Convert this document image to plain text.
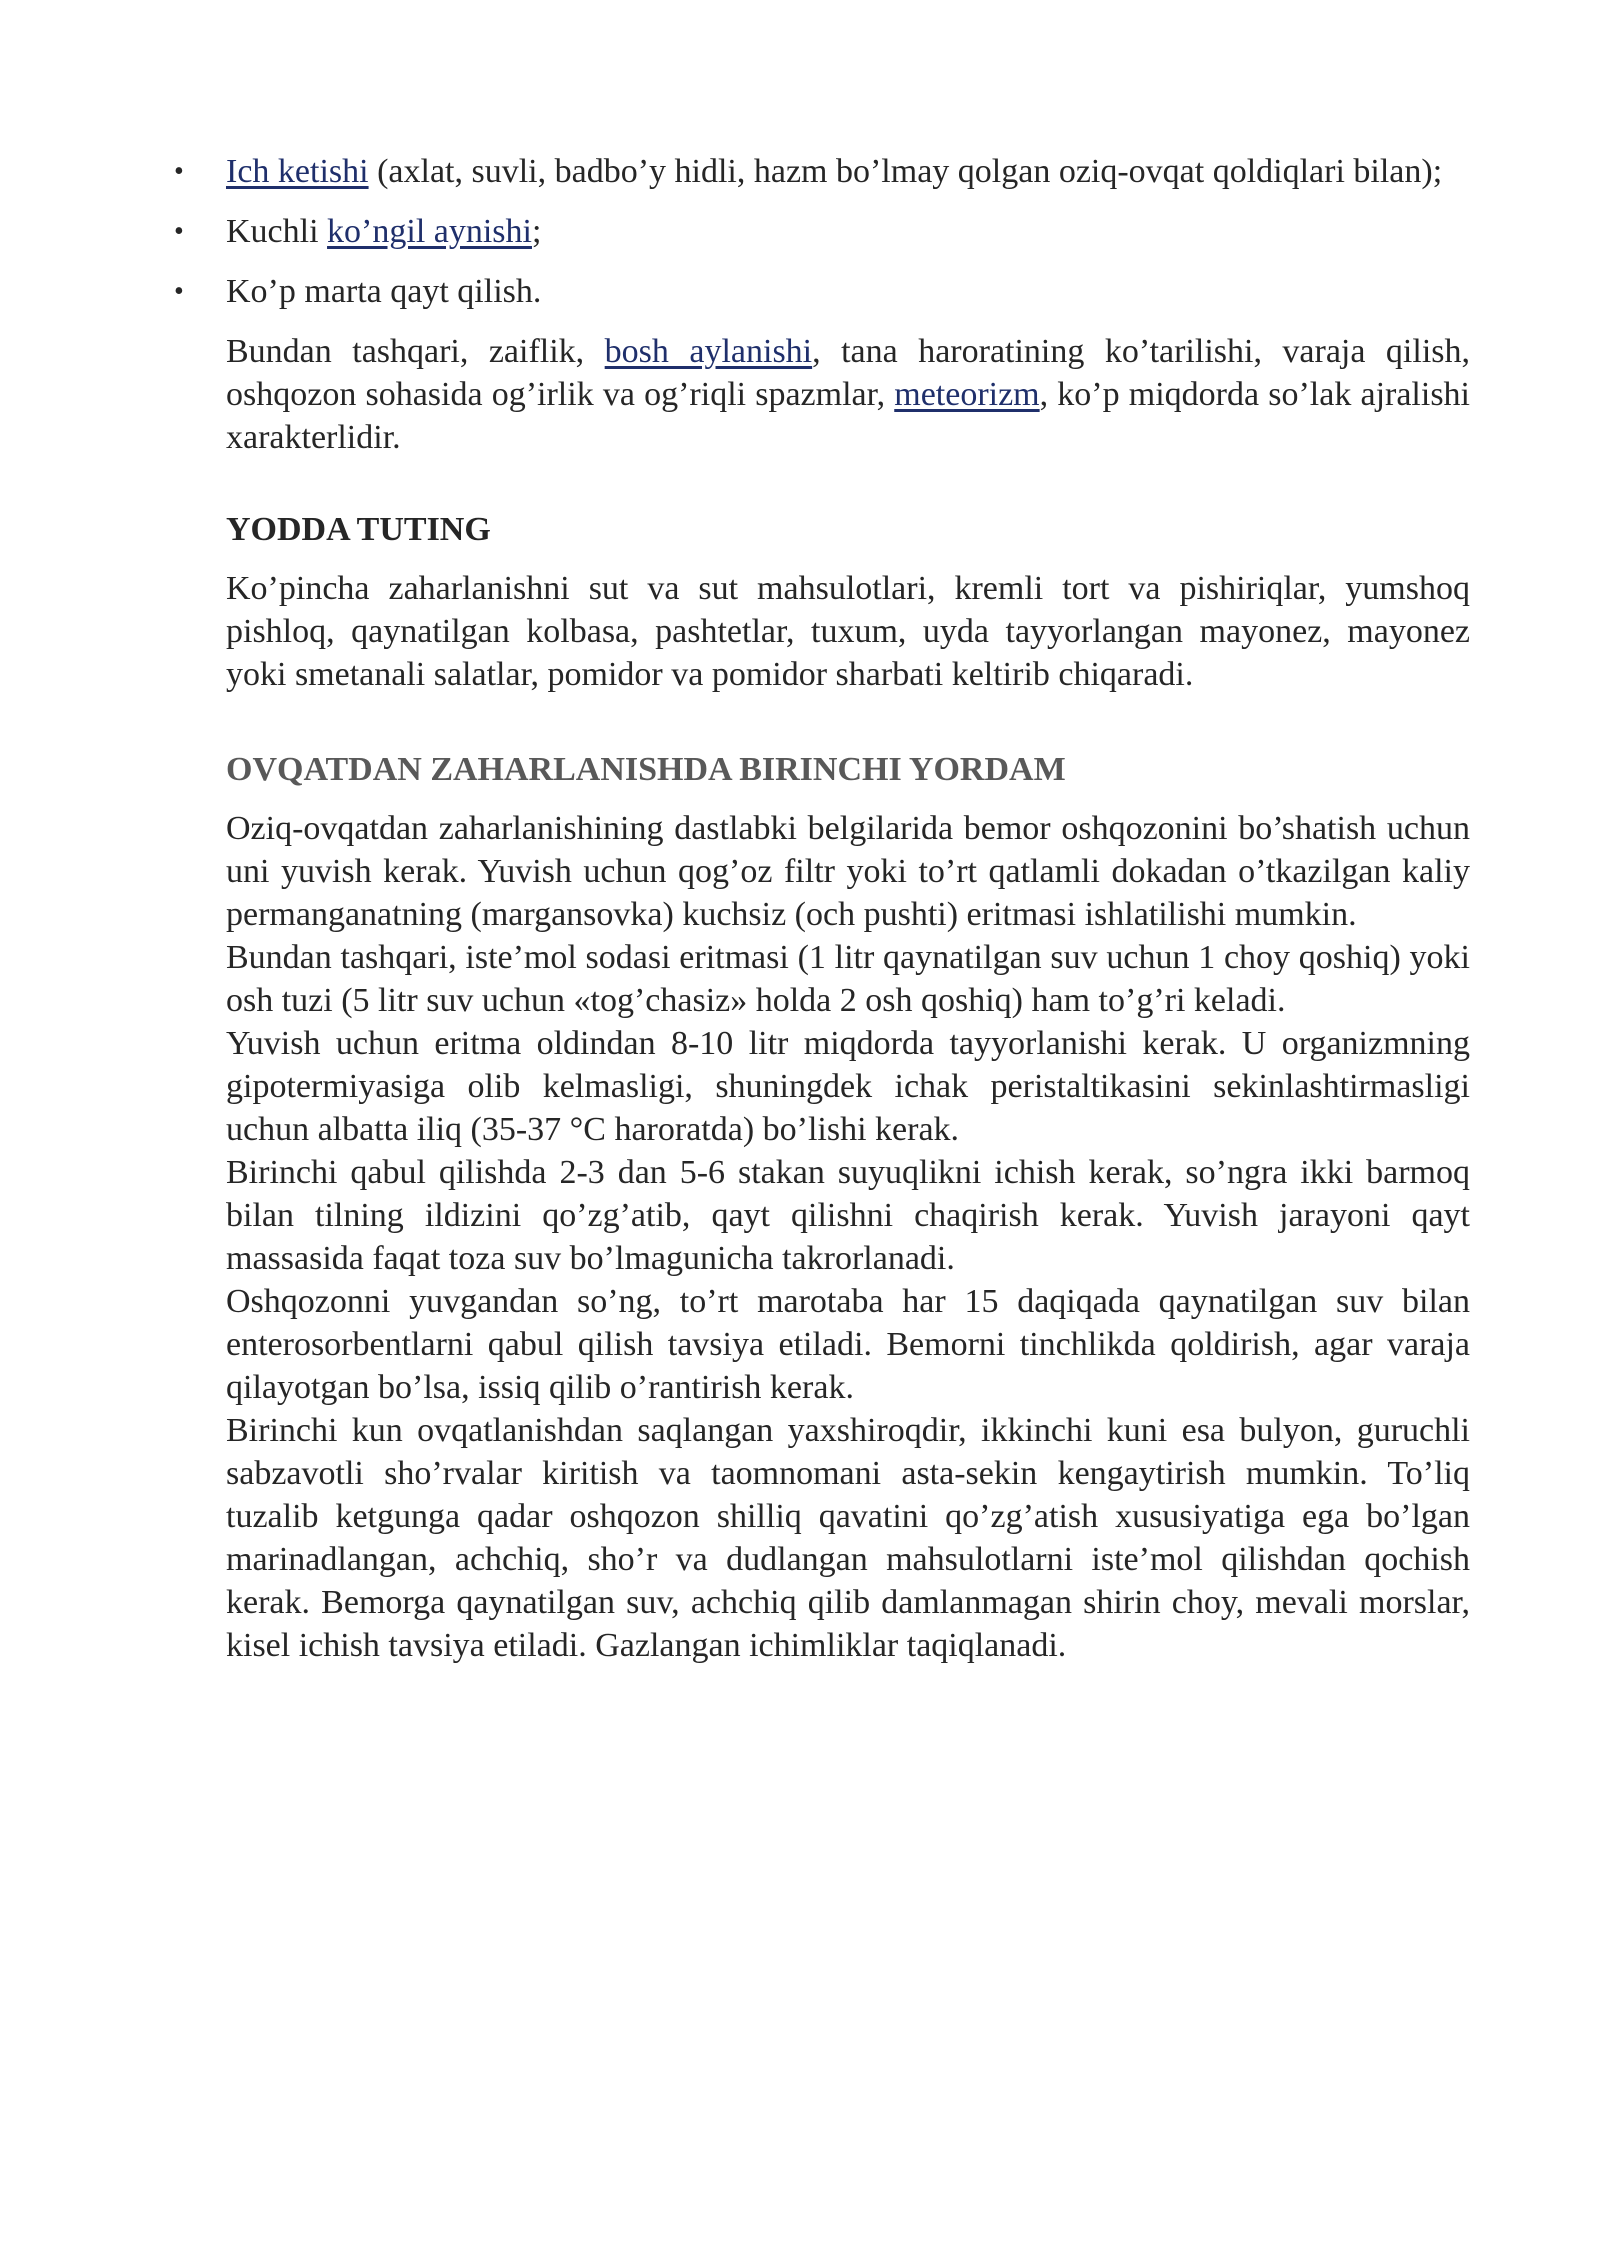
• Ich ketishi (axlat, suvli, badbo’y hidli, hazm bo’lmay qolgan oziq-ovqat qoldiqlari bilan);
• Kuchli ko’ngil aynishi;
• Ko’p marta qayt qilish.

Bundan tashqari, zaiflik, bosh aylanishi, tana haroratining ko’tarilishi, varaja qilish, oshqozon sohasida og’irlik va og’riqli spazmlar, meteorizm, ko’p miqdorda so’lak ajralishi xarakterlidir.

YODDA TUTING

Ko’pincha zaharlanishni sut va sut mahsulotlari, kremli tort va pishiriqlar, yumshoq pishloq, qaynatilgan kolbasa, pashtetlar, tuxum, uyda tayyorlangan mayonez, mayonez yoki smetanali salatlar, pomidor va pomidor sharbati keltirib chiqaradi.

OVQATDAN ZAHARLANISHDA BIRINCHI YORDAM

Oziq-ovqatdan zaharlanishining dastlabki belgilarida bemor oshqozonini bo’shatish uchun uni yuvish kerak. Yuvish uchun qog’oz filtr yoki to’rt qatlamli dokadan o’tkazilgan kaliy permanganatning (margansovka) kuchsiz (och pushti) eritmasi ishlatilishi mumkin.

Bundan tashqari, iste’mol sodasi eritmasi (1 litr qaynatilgan suv uchun 1 choy qoshiq) yoki osh tuzi (5 litr suv uchun «tog’chasiz» holda 2 osh qoshiq) ham to’g’ri keladi.

Yuvish uchun eritma oldindan 8-10 litr miqdorda tayyorlanishi kerak. U organizmning gipotermiyasiga olib kelmasligi, shuningdek ichak peristaltikasini sekinlashtirmasligi uchun albatta iliq (35-37 °C haroratda) bo’lishi kerak.

Birinchi qabul qilishda 2-3 dan 5-6 stakan suyuqlikni ichish kerak, so’ngra ikki barmoq bilan tilning ildizini qo’zg’atib, qayt qilishni chaqirish kerak. Yuvish jarayoni qayt massasida faqat toza suv bo’lmagunicha takrorlanadi.

Oshqozonni yuvgandan so’ng, to’rt marotaba har 15 daqiqada qaynatilgan suv bilan enterosorbentlarni qabul qilish tavsiya etiladi. Bemorni tinchlikda qoldirish, agar varaja qilayotgan bo’lsa, issiq qilib o’rantirish kerak.

Birinchi kun ovqatlanishdan saqlangan yaxshiroqdir, ikkinchi kuni esa bulyon, guruchli sabzavotli sho’rvalar kiritish va taomnomani asta-sekin kengaytirish mumkin. To’liq tuzalib ketgunga qadar oshqozon shilliq qavatini qo’zg’atish xususiyatiga ega bo’lgan marinadlangan, achchiq, sho’r va dudlangan mahsulotlarni iste’mol qilishdan qochish kerak. Bemorga qaynatilgan suv, achchiq qilib damlanmagan shirin choy, mevali morslar, kisel ichish tavsiya etiladi. Gazlangan ichimliklar taqiqlanadi.
